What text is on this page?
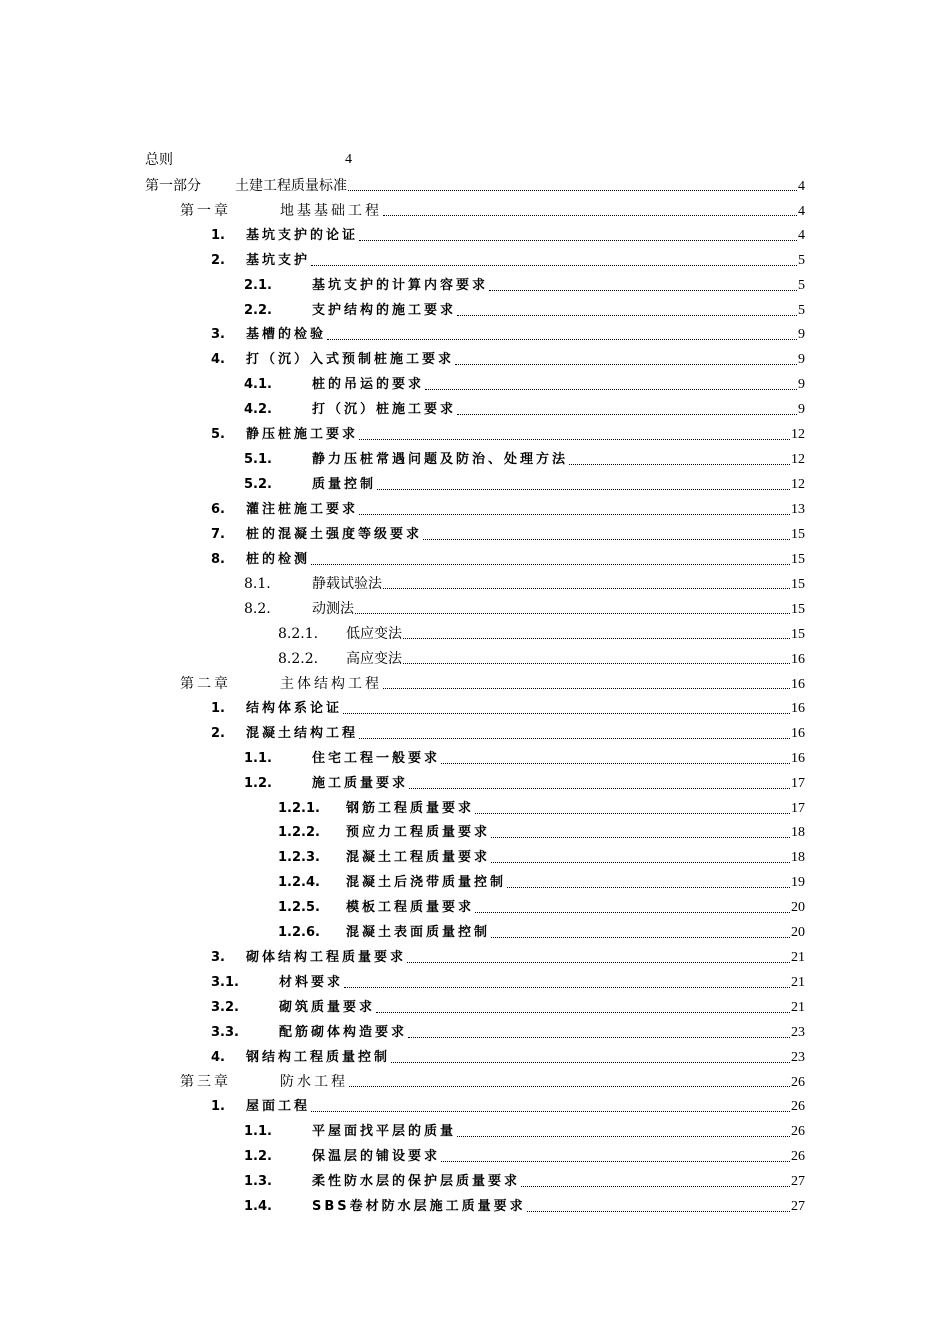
总则	4
第一部分	土建工程质量标准	4
第一章	地基基础工程	4
1.	基坑支护的论证	4
2.	基坑支护	5
2.1.	基坑支护的计算内容要求	5
2.2.	支护结构的施工要求	5
3.	基槽的检验	9
4.	打（沉）入式预制桩施工要求	9
4.1.	桩的吊运的要求	9
4.2.	打（沉）桩施工要求	9
5.	静压桩施工要求	12
5.1.	静力压桩常遇问题及防治、处理方法	12
5.2.	质量控制	12
6.	灌注桩施工要求	13
7.	桩的混凝土强度等级要求	15
8.	桩的检测	15
8.1.	静载试验法	15
8.2.	动测法	15
8.2.1.	低应变法	15
8.2.2.	高应变法	16
第二章	主体结构工程	16
1.	结构体系论证	16
2.	混凝土结构工程	16
1.1.	住宅工程一般要求	16
1.2.	施工质量要求	17
1.2.1.	钢筋工程质量要求	17
1.2.2.	预应力工程质量要求	18
1.2.3.	混凝土工程质量要求	18
1.2.4.	混凝土后浇带质量控制	19
1.2.5.	模板工程质量要求	20
1.2.6.	混凝土表面质量控制	20
3.	砌体结构工程质量要求	21
3.1.	材料要求	21
3.2.	砌筑质量要求	21
3.3.	配筋砌体构造要求	23
4.	钢结构工程质量控制	23
第三章	防水工程	26
1.	屋面工程	26
1.1.	平屋面找平层的质量	26
1.2.	保温层的铺设要求	26
1.3.	柔性防水层的保护层质量要求	27
1.4.	SBS卷材防水层施工质量要求	27
